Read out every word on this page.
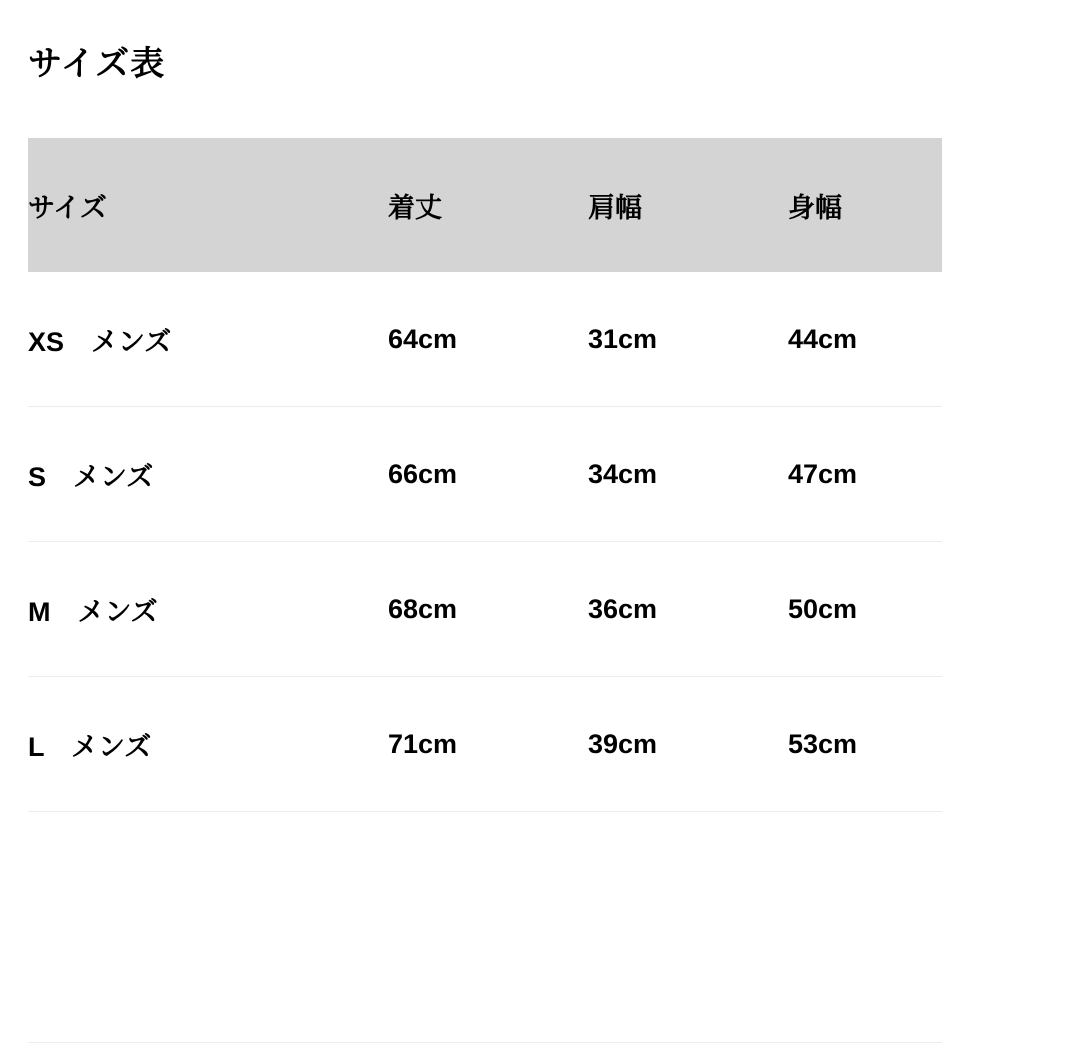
サイズ表
サイズ	着丈	肩幅	身幅
XS　メンズ	64cm	31cm	44cm
S　メンズ	66cm	34cm	47cm
M　メンズ	68cm	36cm	50cm
L　メンズ	71cm	39cm	53cm
